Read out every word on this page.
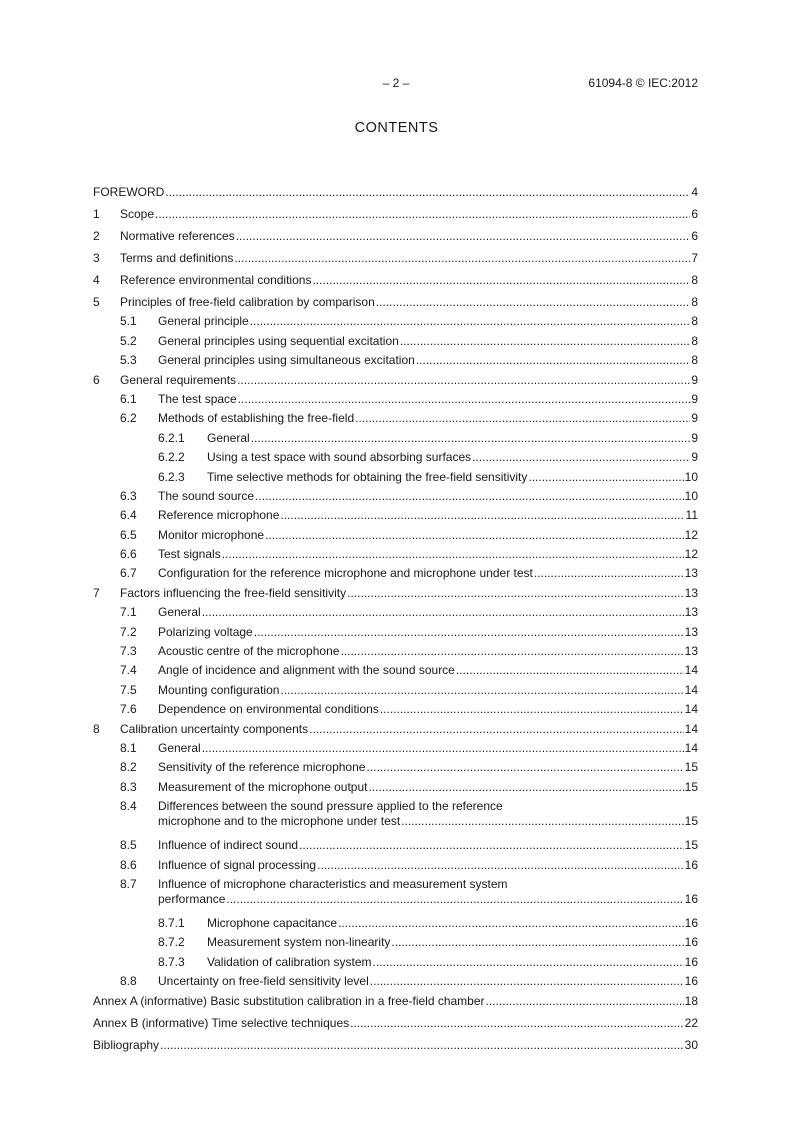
– 2 –	61094-8 © IEC:2012
CONTENTS
FOREWORD .....	4
1 Scope .....	6
2 Normative references .....	6
3 Terms and definitions .....	7
4 Reference environmental conditions .....	8
5 Principles of free-field calibration by comparison .....	8
5.1 General principle .....	8
5.2 General principles using sequential excitation .....	8
5.3 General principles using simultaneous excitation .....	8
6 General requirements .....	9
6.1 The test space .....	9
6.2 Methods of establishing the free-field .....	9
6.2.1 General .....	9
6.2.2 Using a test space with sound absorbing surfaces .....	9
6.2.3 Time selective methods for obtaining the free-field sensitivity .....	10
6.3 The sound source .....	10
6.4 Reference microphone .....	11
6.5 Monitor microphone .....	12
6.6 Test signals .....	12
6.7 Configuration for the reference microphone and microphone under test .....	13
7 Factors influencing the free-field sensitivity .....	13
7.1 General .....	13
7.2 Polarizing voltage .....	13
7.3 Acoustic centre of the microphone .....	13
7.4 Angle of incidence and alignment with the sound source .....	14
7.5 Mounting configuration .....	14
7.6 Dependence on environmental conditions .....	14
8 Calibration uncertainty components .....	14
8.1 General .....	14
8.2 Sensitivity of the reference microphone .....	15
8.3 Measurement of the microphone output .....	15
8.4 Differences between the sound pressure applied to the reference
microphone and to the microphone under test .....	15
8.5 Influence of indirect sound .....	15
8.6 Influence of signal processing .....	16
8.7 Influence of microphone characteristics and measurement system
performance .....	16
8.7.1 Microphone capacitance .....	16
8.7.2 Measurement system non-linearity .....	16
8.7.3 Validation of calibration system .....	16
8.8 Uncertainty on free-field sensitivity level .....	16
Annex A (informative) Basic substitution calibration in a free-field chamber .....	18
Annex B (informative) Time selective techniques .....	22
Bibliography .....	30
